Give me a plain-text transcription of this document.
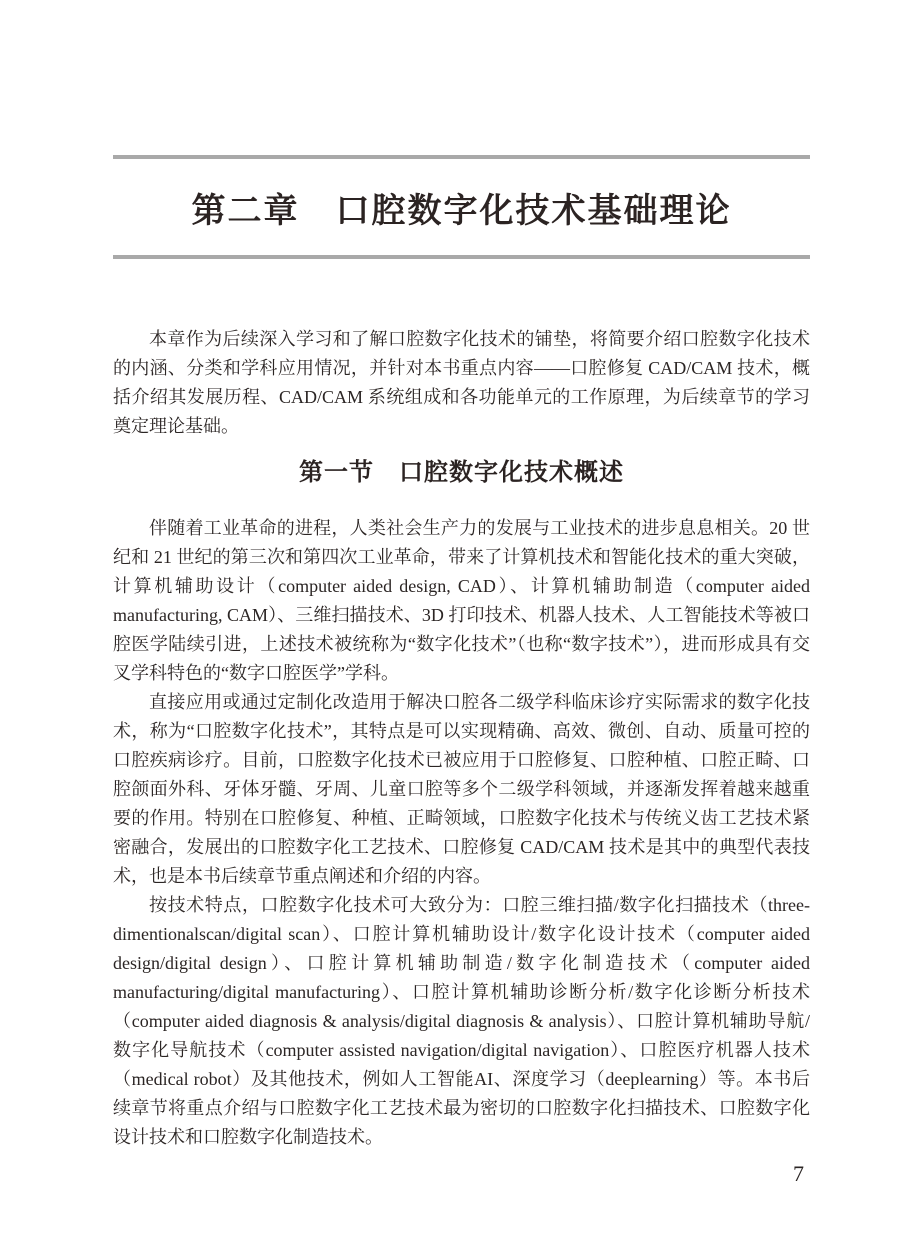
第二章　口腔数字化技术基础理论

本章作为后续深入学习和了解口腔数字化技术的铺垫，将简要介绍口腔数字化技术的内涵、分类和学科应用情况，并针对本书重点内容——口腔修复 CAD/CAM 技术，概括介绍其发展历程、CAD/CAM 系统组成和各功能单元的工作原理，为后续章节的学习奠定理论基础。

第一节　口腔数字化技术概述

伴随着工业革命的进程，人类社会生产力的发展与工业技术的进步息息相关。20 世纪和 21 世纪的第三次和第四次工业革命，带来了计算机技术和智能化技术的重大突破，计算机辅助设计（computer aided design, CAD）、计算机辅助制造（computer aided manufacturing, CAM）、三维扫描技术、3D 打印技术、机器人技术、人工智能技术等被口腔医学陆续引进，上述技术被统称为“数字化技术”（也称“数字技术”），进而形成具有交叉学科特色的“数字口腔医学”学科。

直接应用或通过定制化改造用于解决口腔各二级学科临床诊疗实际需求的数字化技术，称为“口腔数字化技术”，其特点是可以实现精确、高效、微创、自动、质量可控的口腔疾病诊疗。目前，口腔数字化技术已被应用于口腔修复、口腔种植、口腔正畸、口腔颌面外科、牙体牙髓、牙周、儿童口腔等多个二级学科领域，并逐渐发挥着越来越重要的作用。特别在口腔修复、种植、正畸领域，口腔数字化技术与传统义齿工艺技术紧密融合，发展出的口腔数字化工艺技术、口腔修复 CAD/CAM 技术是其中的典型代表技术，也是本书后续章节重点阐述和介绍的内容。

按技术特点，口腔数字化技术可大致分为：口腔三维扫描/数字化扫描技术（three-dimentionalscan/digital scan）、口腔计算机辅助设计/数字化设计技术（computer aided design/digital design）、口腔计算机辅助制造/数字化制造技术（computer aided manufacturing/digital manufacturing）、口腔计算机辅助诊断分析/数字化诊断分析技术（computer aided diagnosis & analysis/digital diagnosis & analysis）、口腔计算机辅助导航/数字化导航技术（computer assisted navigation/digital navigation）、口腔医疗机器人技术（medical robot）及其他技术，例如人工智能AI、深度学习（deeplearning）等。本书后续章节将重点介绍与口腔数字化工艺技术最为密切的口腔数字化扫描技术、口腔数字化设计技术和口腔数字化制造技术。

7
